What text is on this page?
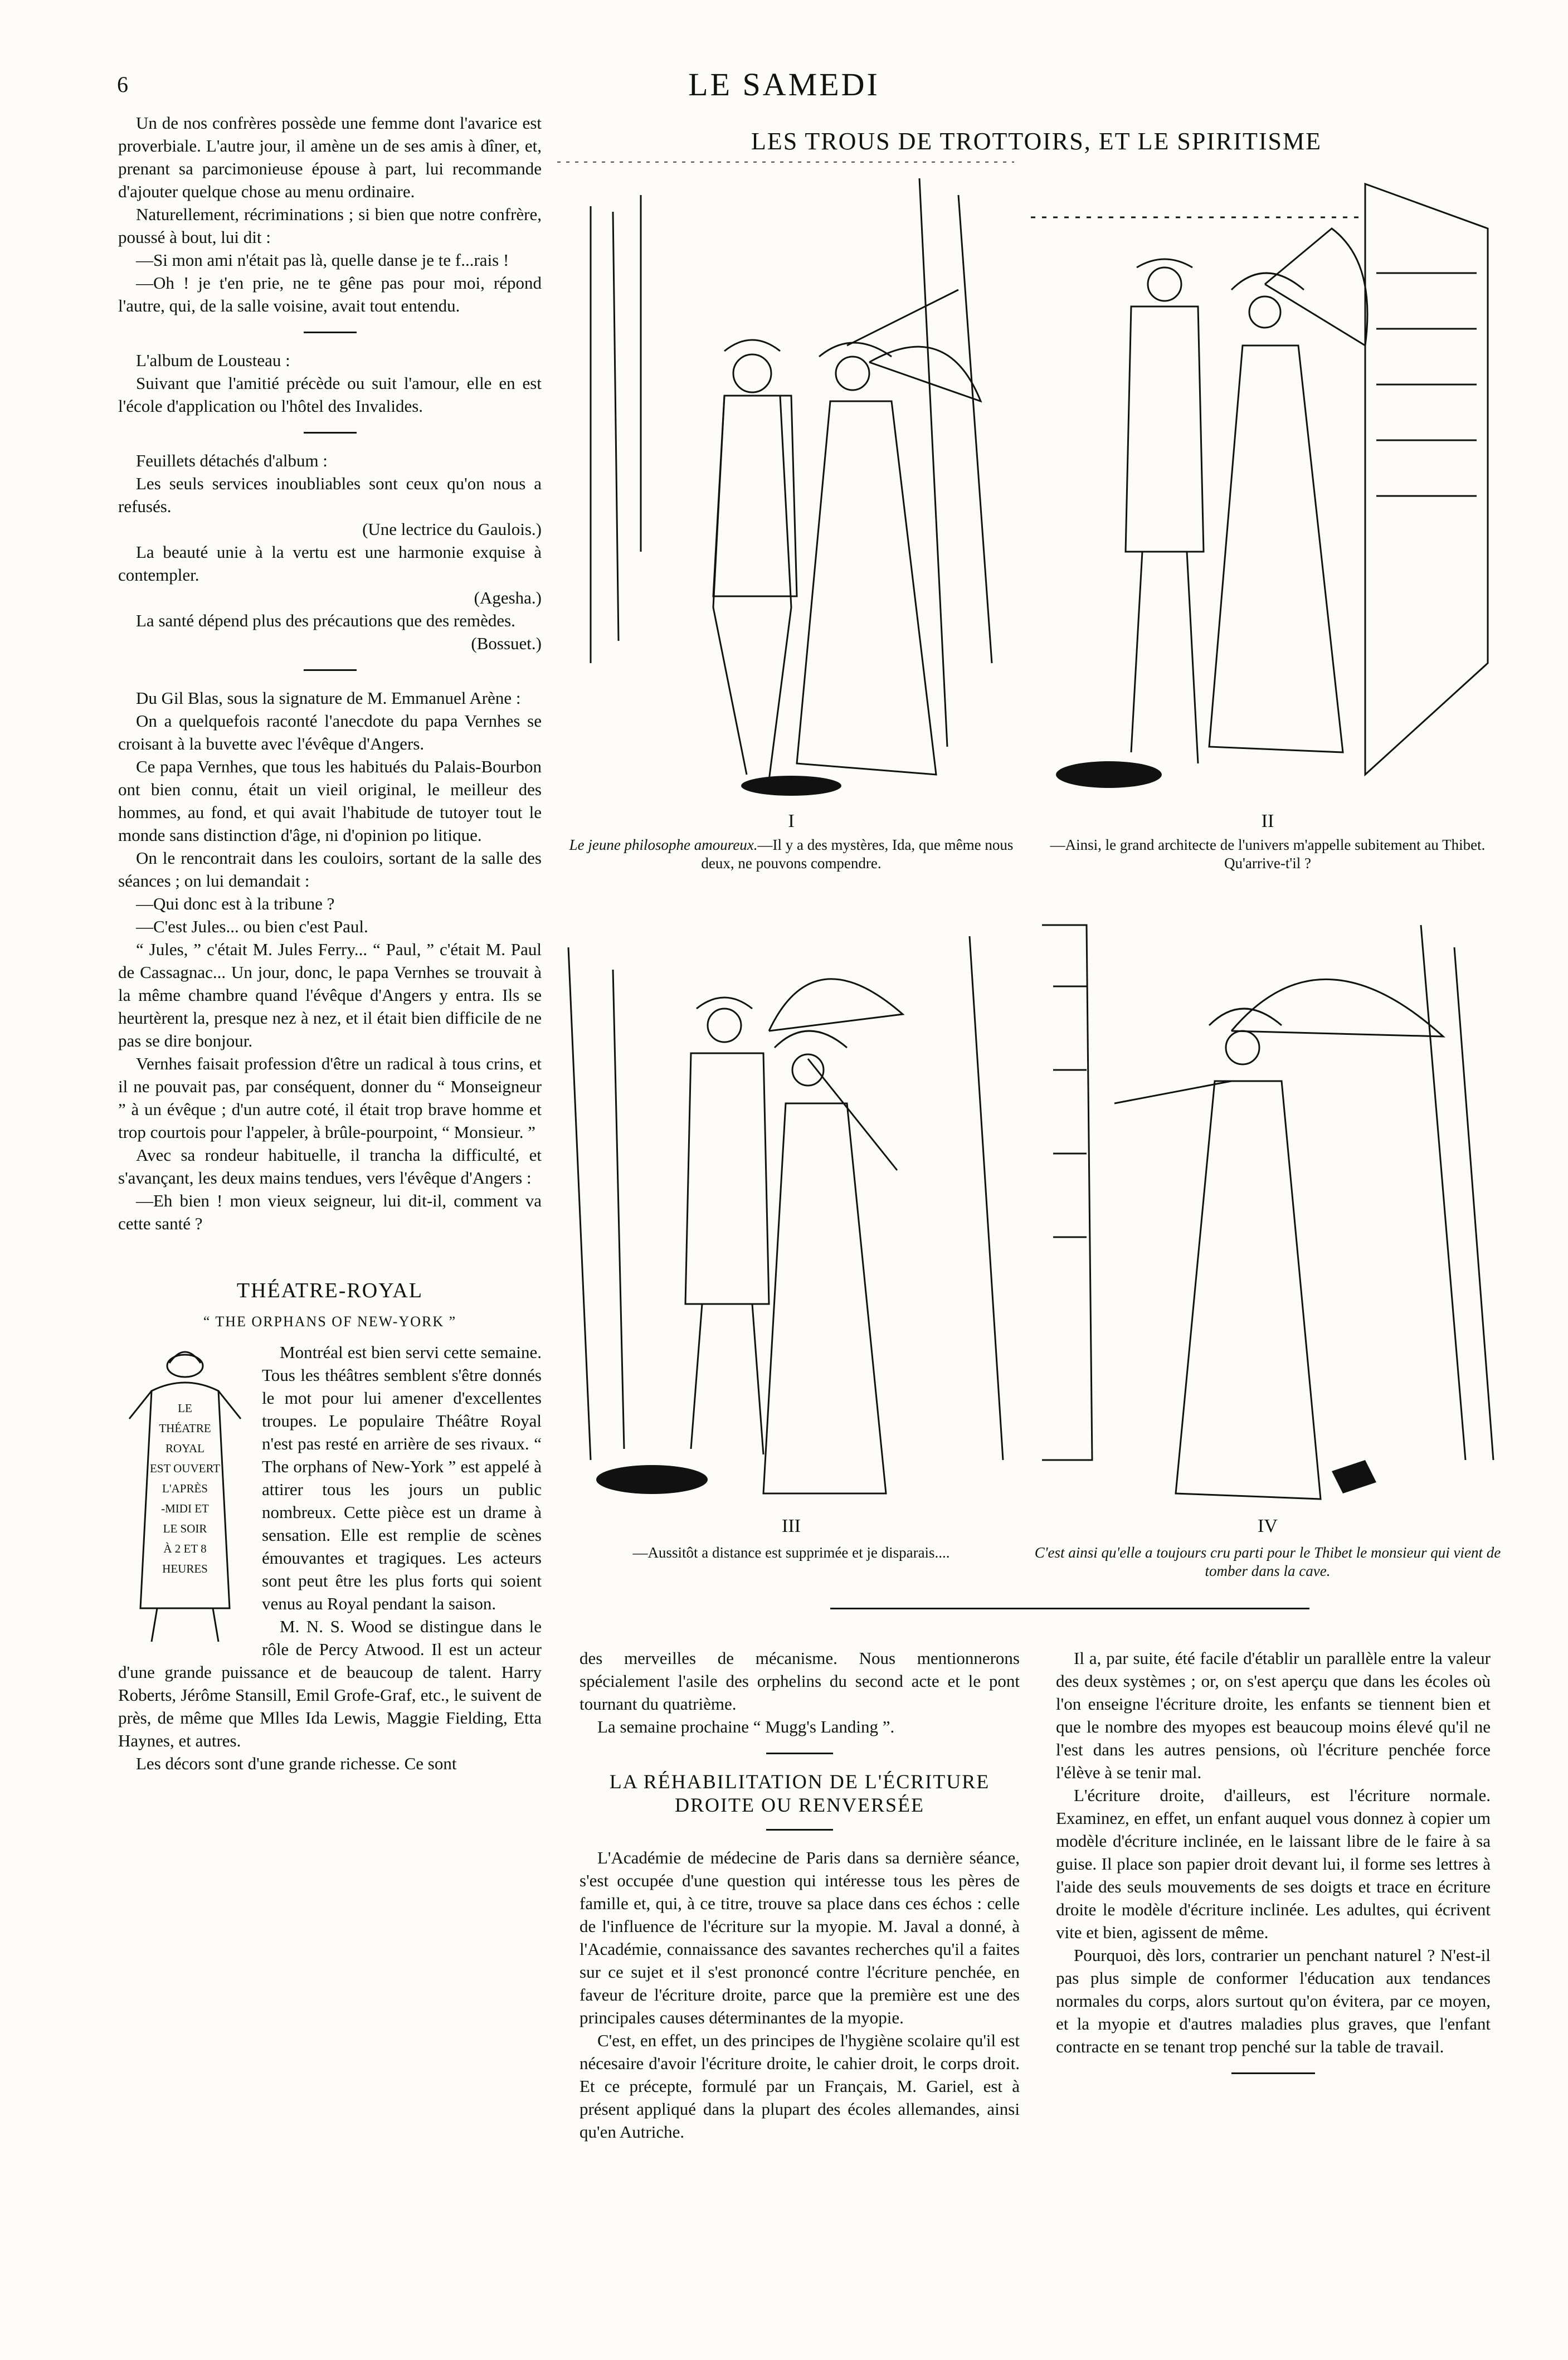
6	LE SAMEDI

Un de nos confrères possède une femme dont l'avarice est proverbiale. L'autre jour, il amène un de ses amis à dîner, et, prenant sa parcimonieuse épouse à part, lui recommande d'ajouter quelque chose au menu ordinaire.

Naturellement, récriminations ; si bien que notre confrère, poussé à bout, lui dit :

—Si mon ami n'était pas là, quelle danse je te f...rais !

—Oh ! je t'en prie, ne te gêne pas pour moi, répond l'autre, qui, de la salle voisine, avait tout entendu.

L'album de Lousteau :

Suivant que l'amitié précède ou suit l'amour, elle en est l'école d'application ou l'hôtel des Invalides.

Feuillets détachés d'album :

Les seuls services inoubliables sont ceux qu'on nous a refusés.

(Une lectrice du Gaulois.)

La beauté unie à la vertu est une harmonie exquise à contempler.

(Agesha.)

La santé dépend plus des précautions que des remèdes.

(Bossuet.)

Du Gil Blas, sous la signature de M. Emmanuel Arène :

On a quelquefois raconté l'anecdote du papa Vernhes se croisant à la buvette avec l'évêque d'Angers.

Ce papa Vernhes, que tous les habitués du Palais-Bourbon ont bien connu, était un vieil original, le meilleur des hommes, au fond, et qui avait l'habitude de tutoyer tout le monde sans distinction d'âge, ni d'opinion po litique.

On le rencontrait dans les couloirs, sortant de la salle des séances ; on lui demandait :

—Qui donc est à la tribune ?

—C'est Jules... ou bien c'est Paul.

“ Jules, ” c'était M. Jules Ferry... “ Paul, ” c'était M. Paul de Cassagnac... Un jour, donc, le papa Vernhes se trouvait à la même chambre quand l'évêque d'Angers y entra. Ils se heurtèrent la, presque nez à nez, et il était bien difficile de ne pas se dire bonjour.

Vernhes faisait profession d'être un radical à tous crins, et il ne pouvait pas, par conséquent, donner du “ Monseigneur ” à un évêque ; d'un autre coté, il était trop brave homme et trop courtois pour l'appeler, à brûle-pourpoint, “ Monsieur. ”

Avec sa rondeur habituelle, il trancha la difficulté, et s'avançant, les deux mains tendues, vers l'évêque d'Angers :

—Eh bien ! mon vieux seigneur, lui dit-il, comment va cette santé ?

THÉATRE-ROYAL
“ THE ORPHANS OF NEW-YORK ”
LE
THÉATRE
ROYAL
EST OUVERT
L'APRÈS
-MIDI ET
LE SOIR
À 2 ET 8
HEURES

Montréal est bien servi cette semaine. Tous les théâtres semblent s'être donnés le mot pour lui amener d'excellentes troupes. Le populaire Théâtre Royal n'est pas resté en arrière de ses rivaux. “ The orphans of New-York ” est appelé à attirer tous les jours un public nombreux. Cette pièce est un drame à sensation. Elle est remplie de scènes émouvantes et tragiques. Les acteurs sont peut être les plus forts qui soient venus au Royal pendant la saison.

M. N. S. Wood se distingue dans le rôle de Percy Atwood. Il est un acteur d'une grande puissance et de beaucoup de talent. Harry Roberts, Jérôme Stansill, Emil Grofe-Graf, etc., le suivent de près, de même que Mlles Ida Lewis, Maggie Fielding, Etta Haynes, et autres.

Les décors sont d'une grande richesse. Ce sont

LES TROUS DE TROTTOIRS, ET LE SPIRITISME
I
Le jeune philosophe amoureux.—Il y a des mystères, Ida, que même nous deux, ne pouvons compendre.
II
—Ainsi, le grand architecte de l'univers m'appelle subitement au Thibet. Qu'arrive-t'il ?
III
—Aussitôt a distance est supprimée et je disparais....
IV
C'est ainsi qu'elle a toujours cru parti pour le Thibet le monsieur qui vient de tomber dans la cave.

des merveilles de mécanisme. Nous mentionnerons spécialement l'asile des orphelins du second acte et le pont tournant du quatrième.

La semaine prochaine “ Mugg's Landing ”.

LA RÉHABILITATION DE L'ÉCRITURE DROITE OU RENVERSÉE

L'Académie de médecine de Paris dans sa dernière séance, s'est occupée d'une question qui intéresse tous les pères de famille et, qui, à ce titre, trouve sa place dans ces échos : celle de l'influence de l'écriture sur la myopie. M. Javal a donné, à l'Académie, connaissance des savantes recherches qu'il a faites sur ce sujet et il s'est prononcé contre l'écriture penchée, en faveur de l'écriture droite, parce que la première est une des principales causes déterminantes de la myopie.

C'est, en effet, un des principes de l'hygiène scolaire qu'il est nécesaire d'avoir l'écriture droite, le cahier droit, le corps droit. Et ce précepte, formulé par un Français, M. Gariel, est à présent appliqué dans la plupart des écoles allemandes, ainsi qu'en Autriche.

Il a, par suite, été facile d'établir un parallèle entre la valeur des deux systèmes ; or, on s'est aperçu que dans les écoles où l'on enseigne l'écriture droite, les enfants se tiennent bien et que le nombre des myopes est beaucoup moins élevé qu'il ne l'est dans les autres pensions, où l'écriture penchée force l'élève à se tenir mal.

L'écriture droite, d'ailleurs, est l'écriture normale. Examinez, en effet, un enfant auquel vous donnez à copier um modèle d'écriture inclinée, en le laissant libre de le faire à sa guise. Il place son papier droit devant lui, il forme ses lettres à l'aide des seuls mouvements de ses doigts et trace en écriture droite le modèle d'écriture inclinée. Les adultes, qui écrivent vite et bien, agissent de même.

Pourquoi, dès lors, contrarier un penchant naturel ? N'est-il pas plus simple de conformer l'éducation aux tendances normales du corps, alors surtout qu'on évitera, par ce moyen, et la myopie et d'autres maladies plus graves, que l'enfant contracte en se tenant trop penché sur la table de travail.
